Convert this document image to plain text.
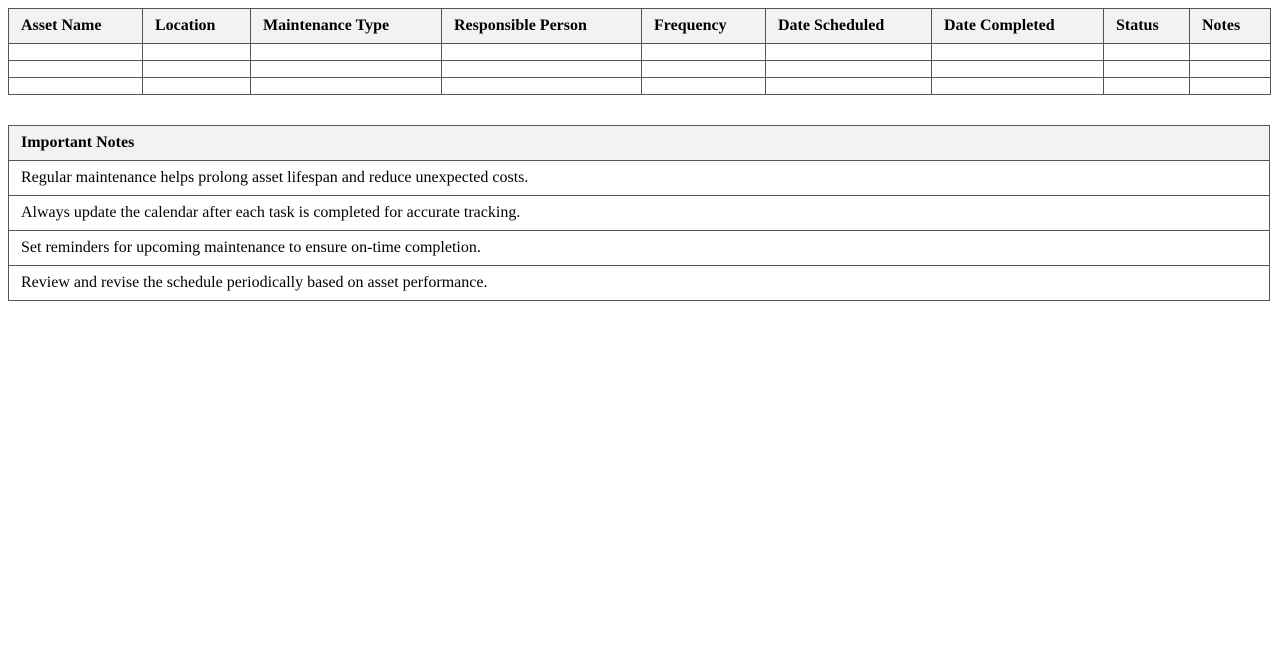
Asset Name	Location	Maintenance Type	Responsible Person	Frequency	Date Scheduled	Date Completed	Status	Notes

Important Notes
Regular maintenance helps prolong asset lifespan and reduce unexpected costs.
Always update the calendar after each task is completed for accurate tracking.
Set reminders for upcoming maintenance to ensure on-time completion.
Review and revise the schedule periodically based on asset performance.
